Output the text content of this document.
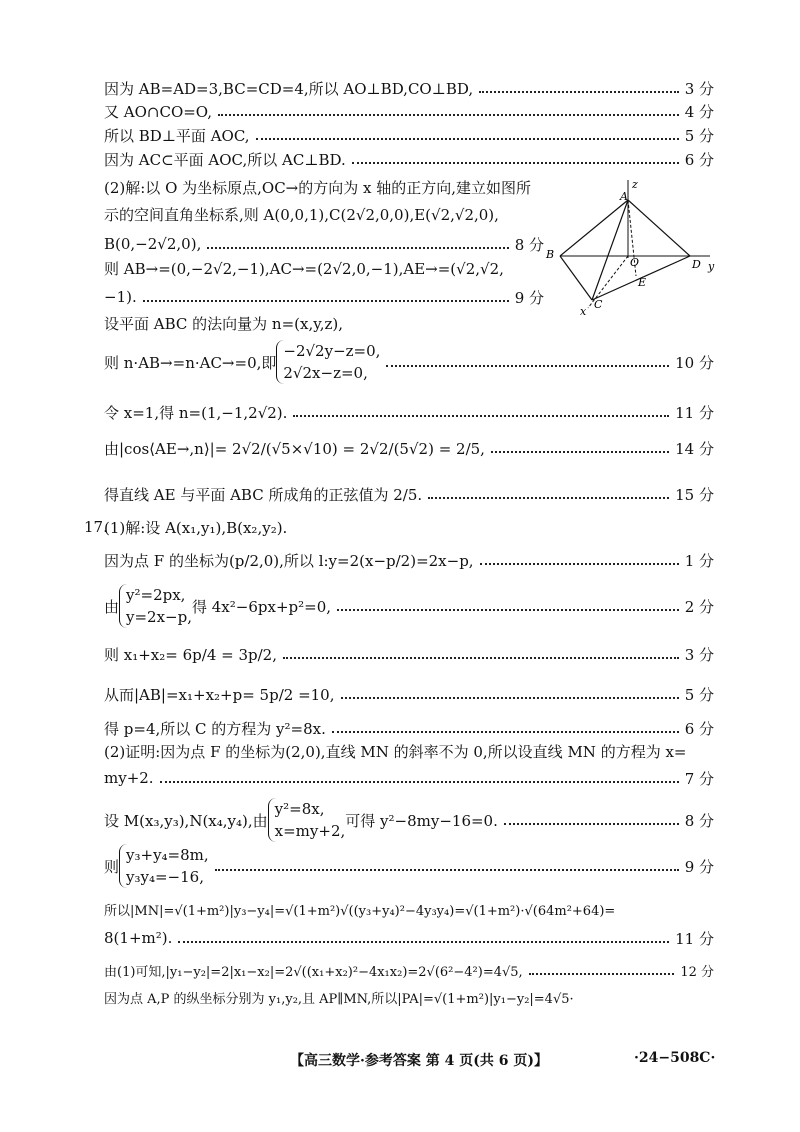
因为 AB=AD=3,BC=CD=4,所以 AO⊥BD,CO⊥BD,	3 分
又 AO∩CO=O,	4 分
所以 BD⊥平面 AOC,	5 分
因为 AC⊂平面 AOC,所以 AC⊥BD.	6 分
(2)解:以 O 为坐标原点,OC→的方向为 x 轴的正方向,建立如图所
示的空间直角坐标系,则 A(0,0,1),C(2√2,0,0),E(√2,√2,0),
B(0,−2√2,0),	8 分
则 AB→=(0,−2√2,−1),AC→=(2√2,0,−1),AE→=(√2,√2,
−1).	9 分
z
A
B
O	D y
E
C
x
设平面 ABC 的法向量为 n=(x,y,z),
则 n·AB→=n·AC→=0,即
−2√2y−z=0,
2√2x−z=0,
10 分
令 x=1,得 n=(1,−1,2√2).	11 分
由|cos⟨AE→,n⟩|= 2√2/(√5×√10) = 2√2/(5√2) = 2/5,	14 分
得直线 AE 与平面 ABC 所成角的正弦值为 2/5.	15 分
17.
(1)解:设 A(x₁,y₁),B(x₂,y₂).
因为点 F 的坐标为(p/2,0),所以 l:y=2(x−p/2)=2x−p,	1 分
由
y²=2px,
y=2x−p,
得 4x²−6px+p²=0,	2 分
则 x₁+x₂= 6p/4 = 3p/2,	3 分
从而|AB|=x₁+x₂+p= 5p/2 =10,	5 分
得 p=4,所以 C 的方程为 y²=8x.	6 分
(2)证明:因为点 F 的坐标为(2,0),直线 MN 的斜率不为 0,所以设直线 MN 的方程为 x=
my+2.	7 分
设 M(x₃,y₃),N(x₄,y₄),由
y²=8x,
x=my+2,
可得 y²−8my−16=0.	8 分
则
y₃+y₄=8m,
y₃y₄=−16,
9 分
所以|MN|=√(1+m²)|y₃−y₄|=√(1+m²)√((y₃+y₄)²−4y₃y₄)=√(1+m²)·√(64m²+64)=
8(1+m²).	11 分
由(1)可知,|y₁−y₂|=2|x₁−x₂|=2√((x₁+x₂)²−4x₁x₂)=2√(6²−4²)=4√5,	12 分
因为点 A,P 的纵坐标分别为 y₁,y₂,且 AP∥MN,所以|PA|=√(1+m²)|y₁−y₂|=4√5·
【高三数学·参考答案 第 4 页(共 6 页)】	·24−508C·
